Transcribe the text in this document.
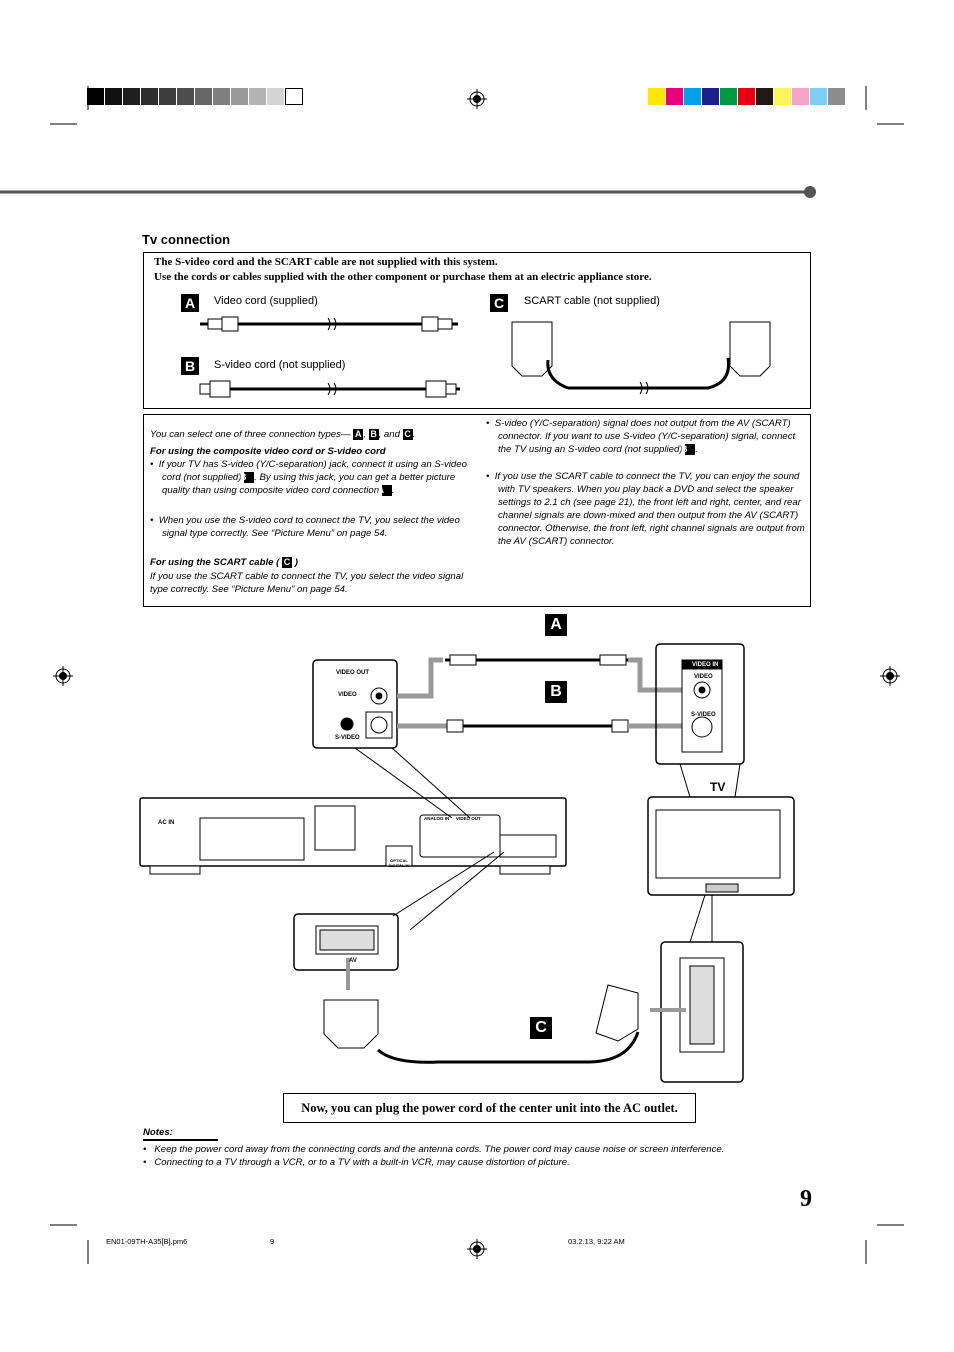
Tv connection
The S-video cord and the SCART cable are not supplied with this system.
Use the cords or cables supplied with the other component or purchase them at an electric appliance store.
A	Video cord (supplied)
B	S-video cord (not supplied)
C	SCART cable (not supplied)
You can select one of three connection types— A , B , and C .
For using the composite video cord or S-video cord
•  If your TV has S-video (Y/C-separation) jack, connect it using an S-video cord (not supplied) B . By using this jack, you can get a better picture quality than using composite video cord connection A .
•  When you use the S-video cord to connect the TV, you select the video signal type correctly. See “Picture Menu” on page 54.
For using the SCART cable ( C )
If you use the SCART cable to connect the TV, you select the video signal type correctly. See “Picture Menu” on page 54.
•  S-video (Y/C-separation) signal does not output from the AV (SCART) connector. If you want to use S-video (Y/C-separation) signal, connect the TV using an S-video cord (not supplied) B .
•  If you use the SCART cable to connect the TV, you can enjoy the sound with TV speakers. When you play back a DVD and select the speaker settings to 2.1 ch (see page 21), the front left and right, center, and rear channel signals are down-mixed and then output from the AV (SCART) connector. Otherwise, the front left, right channel signals are output from the AV (SCART) connector.
A
B
C
VIDEO OUT
VIDEO
S-VIDEO
VIDEO IN
VIDEO
S-VIDEO
TV
AC IN
ANALOG IN VIDEO OUT
OPTICAL DIGITAL IN
AV
Now, you can plug the power cord of the center unit into the AC outlet.
Notes:
•   Keep the power cord away from the connecting cords and the antenna cords. The power cord may cause noise or screen interference.
•   Connecting to a TV through a VCR, or to a TV with a built-in VCR, may cause distortion of picture.
9
EN01-09TH-A35[B].pm6	9	03.2.13, 9:22 AM
